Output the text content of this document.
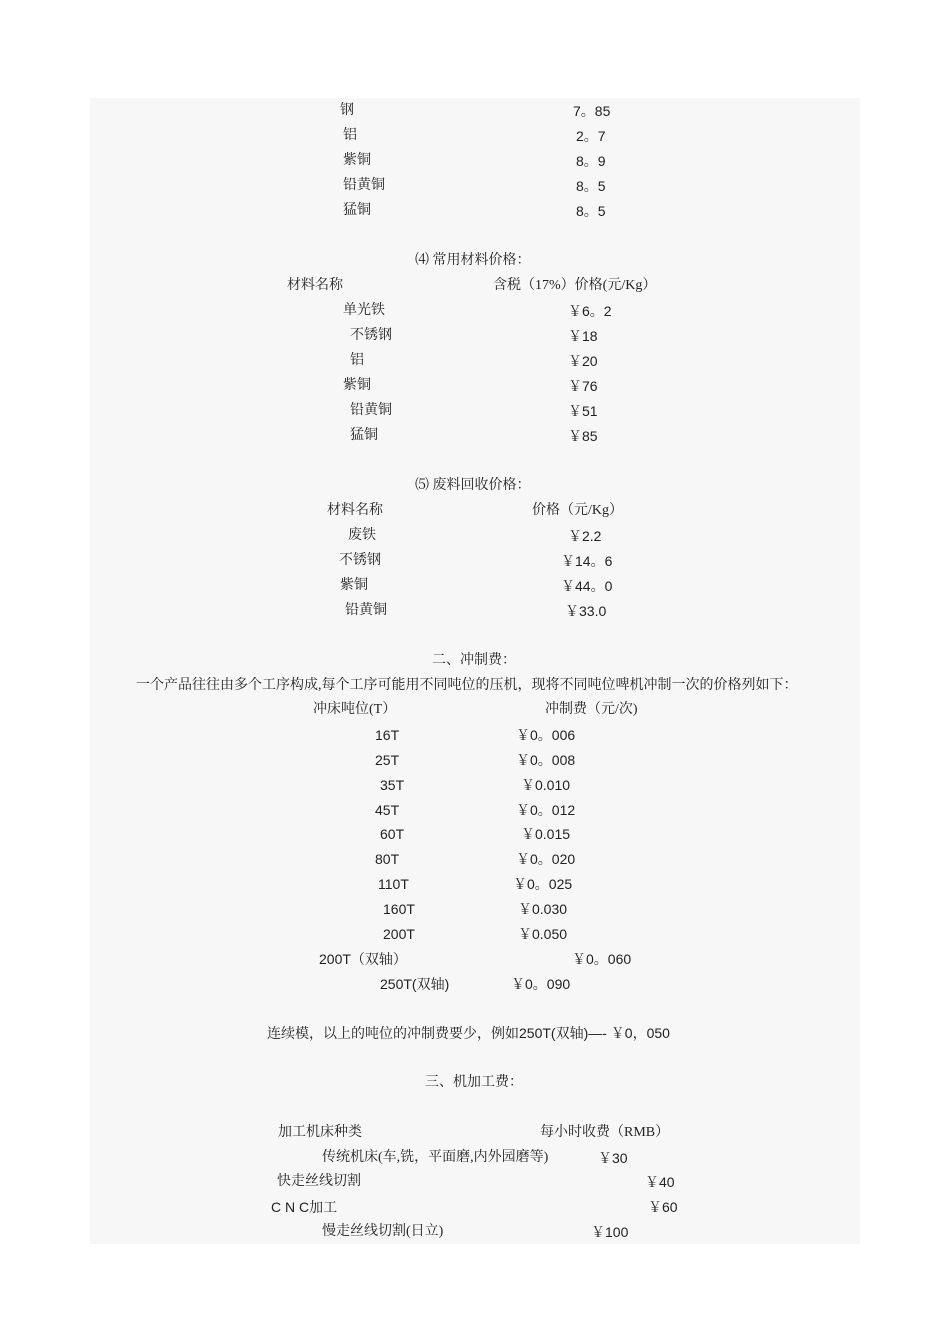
钢	7。85
铝	2。7
紫铜	8。9
铅黄铜	8。5
猛铜	8。5
⑷ 常用材料价格：
材料名称	含税（17%）价格(元/Kg）
单光铁	￥6。2
不锈钢	￥18
铝	￥20
紫铜	￥76
铅黄铜	￥51
猛铜	￥85
⑸ 废料回收价格：
材料名称	价格（元/Kg）
废铁	￥2.2
不锈钢	￥14。6
紫铜	￥44。0
铅黄铜	￥33.0
二、冲制费：
一个产品往往由多个工序构成,每个工序可能用不同吨位的压机，现将不同吨位啤机冲制一次的价格列如下：
冲床吨位(T）	冲制费（元/次)
16T	￥0。006
25T	￥0。008
35T	￥0.010
45T	￥0。012
60T	￥0.015
80T	￥0。020
110T	￥0。025
160T	￥0.030
200T	￥0.050
200T（双轴）	￥0。060
250T(双轴)	￥0。090
连续模，以上的吨位的冲制费要少，例如250T(双轴)—- ￥0，050
三、机加工费：
加工机床种类	每小时收费（RMB）
传统机床(车,铣，平面磨,内外园磨等)	￥30
快走丝线切割	￥40
C N C加工	￥60
慢走丝线切割(日立)	￥100
